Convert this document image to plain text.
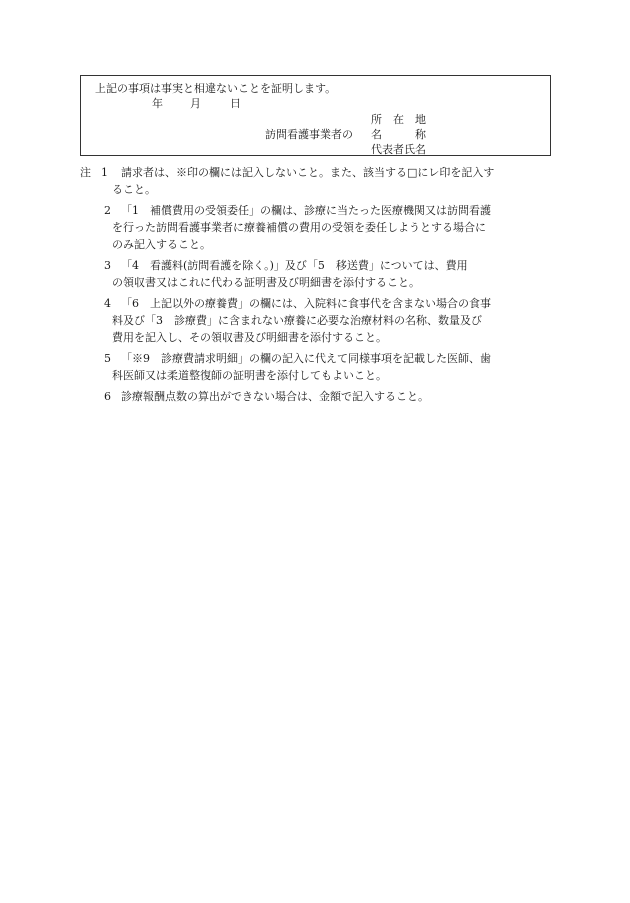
上記の事項は事実と相違ないことを証明します。
年 月	日
所　在　地
訪問看護事業者の 名　　　称
代表者氏名
注 1 請求者は、※印の欄には記入しないこと。また、該当する□にレ印を記入す
ること。
2 「1　補償費用の受領委任」の欄は、診療に当たった医療機関又は訪問看護
を行った訪問看護事業者に療養補償の費用の受領を委任しようとする場合に
のみ記入すること。
3 「4　看護料(訪問看護を除く。)」及び「5　移送費」については、費用
の領収書又はこれに代わる証明書及び明細書を添付すること。
4 「6　上記以外の療養費」の欄には、入院料に食事代を含まない場合の食事
料及び「3　診療費」に含まれない療養に必要な治療材料の名称、数量及び
費用を記入し、その領収書及び明細書を添付すること。
5 「※9　診療費請求明細」の欄の記入に代えて同様事項を記載した医師、歯
科医師又は柔道整復師の証明書を添付してもよいこと。
6 診療報酬点数の算出ができない場合は、金額で記入すること。
